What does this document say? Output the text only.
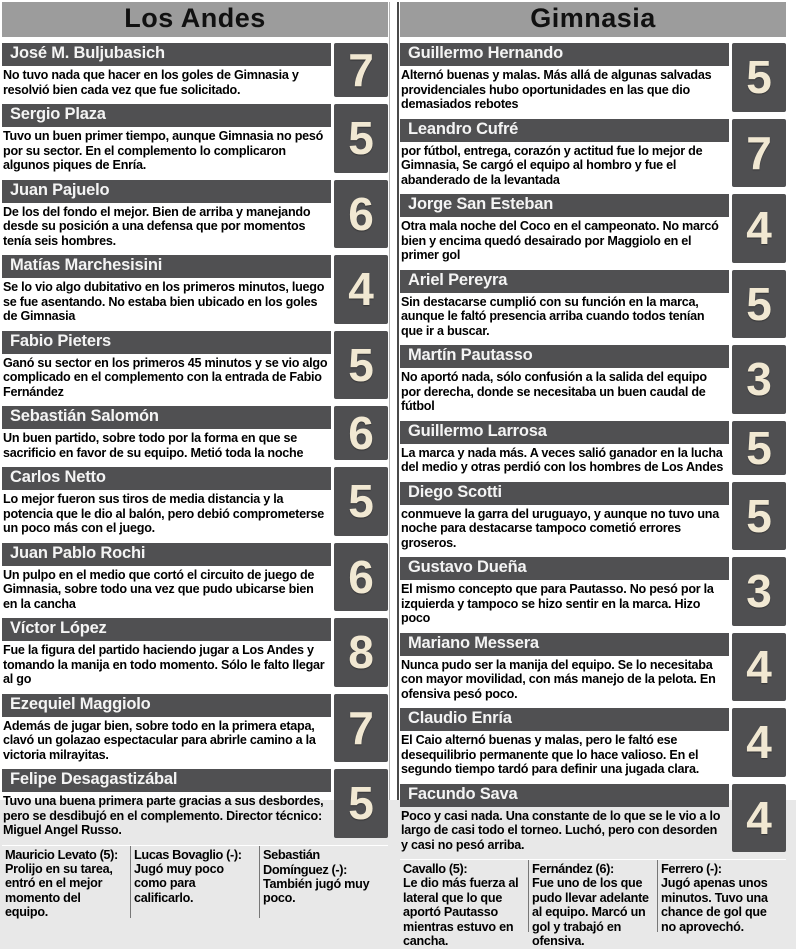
Los Andes
José M. Buljubasich
No tuvo nada que hacer en los goles de Gimnasia y resolvió bien cada vez que fue solicitado.	7
Sergio Plaza
Tuvo un buen primer tiempo, aunque Gimnasia no pesó por su sector. En el complemento lo complicaron algunos piques de Enría.
5
Juan Pajuelo
De los del fondo el mejor. Bien de arriba y manejando desde su posición a una defensa que por momentos tenía seis hombres.
6
Matías Marchesisini
Se lo vio algo dubitativo en los primeros minutos, luego se fue asentando. No estaba bien ubicado en los goles de Gimnasia
4
Fabio Pieters
Ganó su sector en los primeros 45 minutos y se vio algo complicado en el complemento con la entrada de Fabio Fernández
5
Sebastián Salomón
Un buen partido, sobre todo por la forma en que se sacrificio en favor de su equipo. Metió toda la noche 6
Carlos Netto
Lo mejor fueron sus tiros de media distancia y la potencia que le dio al balón, pero debió comprometerse un poco más con el juego.
5
Juan Pablo Rochi
Un pulpo en el medio que cortó el circuito de juego de Gimnasia, sobre todo una vez que pudo ubicarse bien en la cancha
6
Víctor López
Fue la figura del partido haciendo jugar a Los Andes y tomando la manija en todo momento. Sólo le falto llegar al go
8
Ezequiel Maggiolo
Además de jugar bien, sobre todo en la primera etapa, clavó un golazao espectacular para abrirle camino a la victoria milrayitas.
7
Felipe Desagastizábal
Tuvo una buena primera parte gracias a sus desbordes, pero se desdibujó en el complemento. Director técnico: Miguel Angel Russo.
5
Mauricio Levato (5):
Prolijo en su tarea, entró en el mejor momento del equipo.
Lucas Bovaglio (-):
Jugó muy poco como para calificarlo.
Sebastián Domínguez (-):
También jugó muy poco.
Gimnasia
Guillermo Hernando
Alternó buenas y malas. Más allá de algunas salvadas providenciales hubo oportunidades en las que dio demasiados rebotes
5
Leandro Cufré
por fútbol, entrega, corazón y actitud fue lo mejor de Gimnasia, Se cargó el equipo al hombro y fue el abanderado de la levantada
7
Jorge San Esteban
Otra mala noche del Coco en el campeonato. No marcó bien y encima quedó desairado por Maggiolo en el primer gol
4
Ariel Pereyra
Sin destacarse cumplió con su función en la marca, aunque le faltó presencia arriba cuando todos tenían que ir a buscar.
5
Martín Pautasso
No aportó nada, sólo confusión a la salida del equipo por derecha, donde se necesitaba un buen caudal de fútbol
3
Guillermo Larrosa
La marca y nada más. A veces salió ganador en la lucha del medio y otras perdió con los hombres de Los Andes 5
Diego Scotti
conmueve la garra del uruguayo, y aunque no tuvo una noche para destacarse tampoco cometió errores groseros.
5
Gustavo Dueña
El mismo concepto que para Pautasso. No pesó por la izquierda y tampoco se hizo sentir en la marca. Hizo poco
3
Mariano Messera
Nunca pudo ser la manija del equipo. Se lo necesitaba con mayor movilidad, con más manejo de la pelota. En ofensiva pesó poco.
4
Claudio Enría
El Caio alternó buenas y malas, pero le faltó ese desequilibrio permanente que lo hace valioso. En el segundo tiempo tardó para definir una jugada clara.
4
Facundo Sava
Poco y casi nada. Una constante de lo que se le vio a lo largo de casi todo el torneo. Luchó, pero con desorden y casi no pesó arriba.
4
Cavallo (5):
Le dio más fuerza al lateral que lo que aportó Pautasso mientras estuvo en cancha.
Fernández (6):
Fue uno de los que pudo llevar adelante al equipo. Marcó un gol y trabajó en ofensiva.
Ferrero (-):
Jugó apenas unos minutos. Tuvo una chance de gol que no aprovechó.
